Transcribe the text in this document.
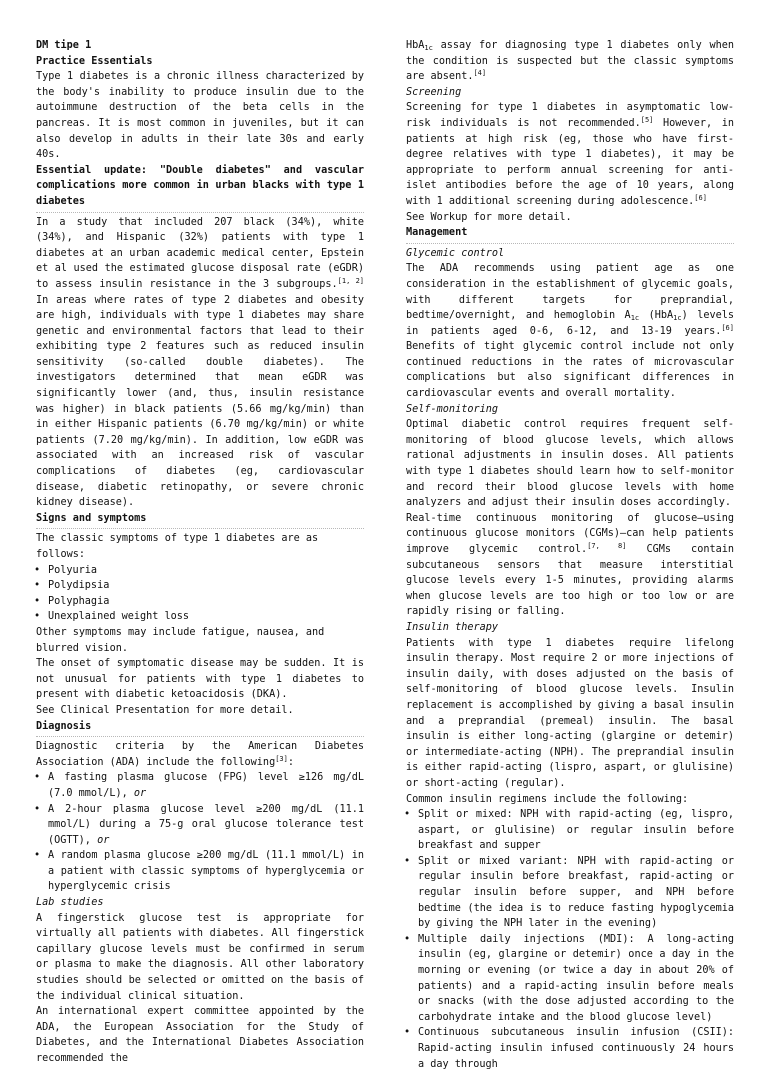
DM tipe 1

Practice Essentials

Type 1 diabetes is a chronic illness characterized by the body's inability to produce insulin due to the autoimmune destruction of the beta cells in the pancreas. It is most common in juveniles, but it can also develop in adults in their late 30s and early 40s.

Essential update: "Double diabetes" and vascular complications more common in urban blacks with type 1 diabetes

In a study that included 207 black (34%), white (34%), and Hispanic (32%) patients with type 1 diabetes at an urban academic medical center, Epstein et al used the estimated glucose disposal rate (eGDR) to assess insulin resistance in the 3 subgroups.[1, 2] In areas where rates of type 2 diabetes and obesity are high, individuals with type 1 diabetes may share genetic and environmental factors that lead to their exhibiting type 2 features such as reduced insulin sensitivity (so-called double diabetes). The investigators determined that mean eGDR was significantly lower (and, thus, insulin resistance was higher) in black patients (5.66 mg/kg/min) than in either Hispanic patients (6.70 mg/kg/min) or white patients (7.20 mg/kg/min). In addition, low eGDR was associated with an increased risk of vascular complications of diabetes (eg, cardiovascular disease, diabetic retinopathy, or severe chronic kidney disease).

Signs and symptoms

The classic symptoms of type 1 diabetes are as follows:

• Polyuria
• Polydipsia
• Polyphagia
• Unexplained weight loss

Other symptoms may include fatigue, nausea, and blurred vision.

The onset of symptomatic disease may be sudden. It is not unusual for patients with type 1 diabetes to present with diabetic ketoacidosis (DKA).

See Clinical Presentation for more detail.

Diagnosis

Diagnostic criteria by the American Diabetes Association (ADA) include the following[3]:

• A fasting plasma glucose (FPG) level ≥126 mg/dL (7.0 mmol/L), or
• A 2-hour plasma glucose level ≥200 mg/dL (11.1 mmol/L) during a 75-g oral glucose tolerance test (OGTT), or
• A random plasma glucose ≥200 mg/dL (11.1 mmol/L) in a patient with classic symptoms of hyperglycemia or hyperglycemic crisis

Lab studies

A fingerstick glucose test is appropriate for virtually all patients with diabetes. All fingerstick capillary glucose levels must be confirmed in serum or plasma to make the diagnosis. All other laboratory studies should be selected or omitted on the basis of the individual clinical situation.

An international expert committee appointed by the ADA, the European Association for the Study of Diabetes, and the International Diabetes Association recommended the

HbA$_{1c}$ assay for diagnosing type 1 diabetes only when the condition is suspected but the classic symptoms are absent.[4]

Screening

Screening for type 1 diabetes in asymptomatic low-risk individuals is not recommended.[5] However, in patients at high risk (eg, those who have first-degree relatives with type 1 diabetes), it may be appropriate to perform annual screening for anti-islet antibodies before the age of 10 years, along with 1 additional screening during adolescence.[6]

See Workup for more detail.

Management

Glycemic control

The ADA recommends using patient age as one consideration in the establishment of glycemic goals, with different targets for preprandial, bedtime/overnight, and hemoglobin $A_{1c}$ (HbA$_{1c}$) levels in patients aged 0-6, 6-12, and 13-19 years.[6] Benefits of tight glycemic control include not only continued reductions in the rates of microvascular complications but also significant differences in cardiovascular events and overall mortality.

Self-monitoring

Optimal diabetic control requires frequent self-monitoring of blood glucose levels, which allows rational adjustments in insulin doses. All patients with type 1 diabetes should learn how to self-monitor and record their blood glucose levels with home analyzers and adjust their insulin doses accordingly.

Real-time continuous monitoring of glucose—using continuous glucose monitors (CGMs)—can help patients improve glycemic control.[7, 8] CGMs contain subcutaneous sensors that measure interstitial glucose levels every 1-5 minutes, providing alarms when glucose levels are too high or too low or are rapidly rising or falling.

Insulin therapy

Patients with type 1 diabetes require lifelong insulin therapy. Most require 2 or more injections of insulin daily, with doses adjusted on the basis of self-monitoring of blood glucose levels. Insulin replacement is accomplished by giving a basal insulin and a preprandial (premeal) insulin. The basal insulin is either long-acting (glargine or detemir) or intermediate-acting (NPH). The preprandial insulin is either rapid-acting (lispro, aspart, or glulisine) or short-acting (regular).

Common insulin regimens include the following:

• Split or mixed: NPH with rapid-acting (eg, lispro, aspart, or glulisine) or regular insulin before breakfast and supper
• Split or mixed variant: NPH with rapid-acting or regular insulin before breakfast, rapid-acting or regular insulin before supper, and NPH before bedtime (the idea is to reduce fasting hypoglycemia by giving the NPH later in the evening)
• Multiple daily injections (MDI): A long-acting insulin (eg, glargine or detemir) once a day in the morning or evening (or twice a day in about 20% of patients) and a rapid-acting insulin before meals or snacks (with the dose adjusted according to the carbohydrate intake and the blood glucose level)
• Continuous subcutaneous insulin infusion (CSII): Rapid-acting insulin infused continuously 24 hours a day through
